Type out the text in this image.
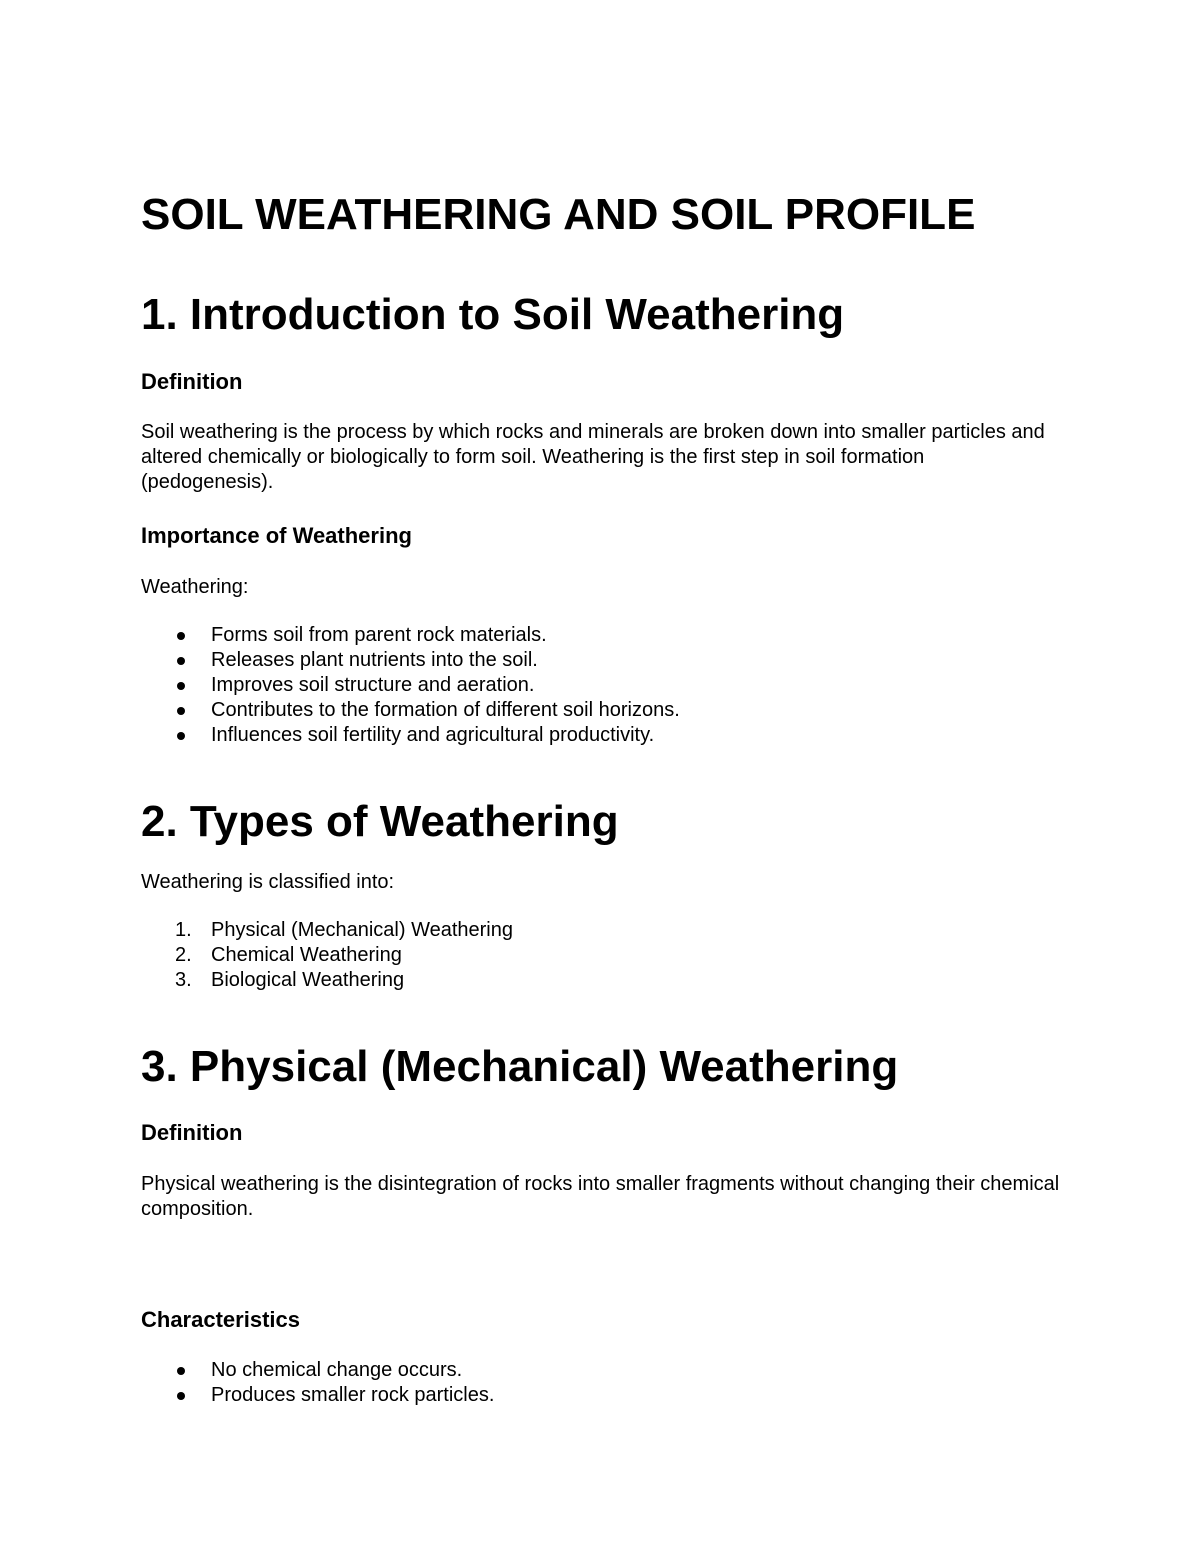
SOIL WEATHERING AND SOIL PROFILE
1. Introduction to Soil Weathering
Definition

Soil weathering is the process by which rocks and minerals are broken down into smaller particles and altered chemically or biologically to form soil. Weathering is the first step in soil formation (pedogenesis).

Importance of Weathering

Weathering:

Forms soil from parent rock materials.
Releases plant nutrients into the soil.
Improves soil structure and aeration.
Contributes to the formation of different soil horizons.
Influences soil fertility and agricultural productivity.
2. Types of Weathering

Weathering is classified into:

1. Physical (Mechanical) Weathering
2. Chemical Weathering
3. Biological Weathering
3. Physical (Mechanical) Weathering
Definition

Physical weathering is the disintegration of rocks into smaller fragments without changing their chemical composition.

Characteristics
No chemical change occurs.
Produces smaller rock particles.
